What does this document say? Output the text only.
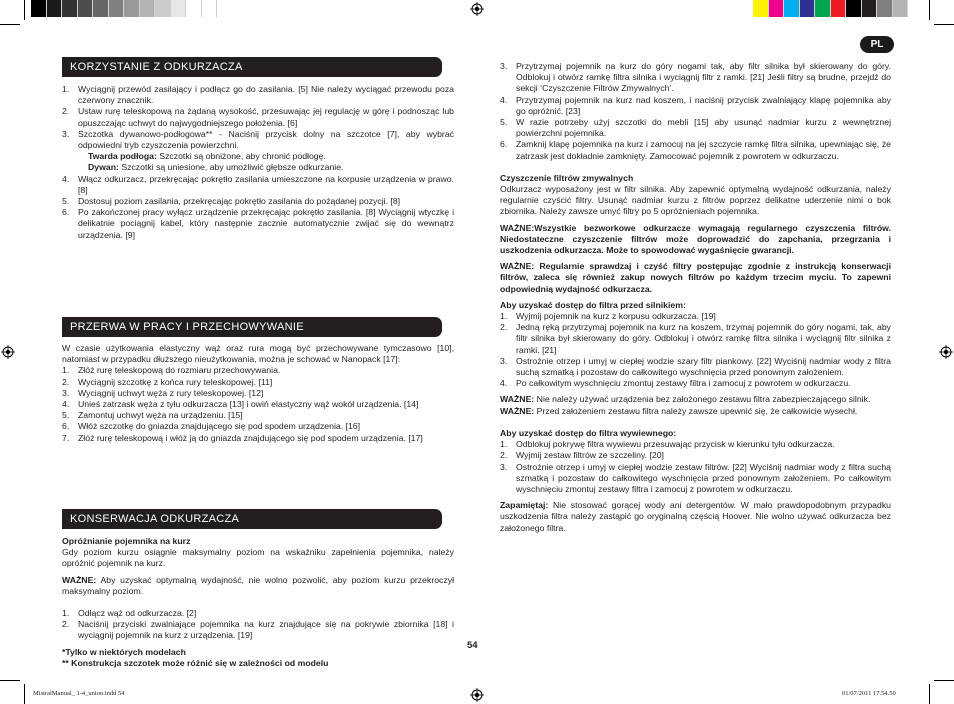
PL
KORZYSTANIE Z ODKURZACZA
1.	Wyciągnij przewód zasilający i podłącz go do zasilania. [5] Nie należy wyciągać przewodu poza czerwony znacznik.
2.	Ustaw rurę teleskopową na żądaną wysokość, przesuwając jej regulację w górę i podnosząc lub opuszczając uchwyt do najwygodniejszego położenia. [6]
3.	Szczotka dywanowo-podłogowa** - Naciśnij przycisk dolny na szczotce [7], aby wybrać odpowiedni tryb czyszczenia powierzchni.

Twarda podłoga: Szczotki są obniżone, aby chronić podłogę.

Dywan: Szczotki są uniesione, aby umożliwić głębsze odkurzanie.

4.	Włącz odkurzacz, przekręcając pokrętło zasilania umieszczone na korpusie urządzenia w prawo. [8]
5.	Dostosuj poziom zasilania, przekręcając pokrętło zasilania do pożądanej pozycji. [8]
6.	Po zakończonej pracy wyłącz urządzenie przekręcając pokrętło zasilania. [8] Wyciągnij wtyczkę i delikatnie pociągnij kabel, który następnie zacznie automatycznie zwijać się do wewnątrz urządzenia. [9]
PRZERWA W PRACY I PRZECHOWYWANIE

W czasie użytkowania elastyczny wąż oraz rura mogą być przechowywane tymczasowo [10], natomiast w przypadku dłuższego nieużytkowania, można je schować w Nanopack [17]:

1.	Złóż rurę teleskopową do rozmiaru przechowywania.
2.	Wyciągnij szczotkę z końca rury teleskopowej. [11]
3.	Wyciągnij uchwyt węża z rury teleskopowej. [12]
4.	Unieś zatrzask węża z tyłu odkurzacza [13] i owiń elastyczny wąż wokół urządzenia. [14]
5.	Zamontuj uchwyt węża na urządzeniu. [15]
6.	Włóż szczotkę do gniazda znajdującego się pod spodem urządzenia. [16]
7.	Złóż rurę teleskopową i włóż ją do gniazda znajdującego się pod spodem urządzenia. [17]
KONSERWACJA ODKURZACZA

Opróżnianie pojemnika na kurz

Gdy poziom kurzu osiągnie maksymalny poziom na wskaźniku zapełnienia pojemnika, należy opróżnić pojemnik na kurz.

WAŻNE: Aby uzyskać optymalną wydajność, nie wolno pozwolić, aby poziom kurzu przekroczył maksymalny poziom.

1.	Odłącz wąż od odkurzacza. [2]
2.	Naciśnij przyciski zwalniające pojemnika na kurz znajdujące się na pokrywie zbiornika [18] i wyciągnij pojemnik na kurz z urządzenia. [19]

*Tylko w niektórych modelach

** Konstrukcja szczotek może różnić się w zależności od modelu

3.	Przytrzymaj pojemnik na kurz do góry nogami tak, aby filtr silnika był skierowany do góry. Odblokuj i otwórz ramkę filtra silnika i wyciągnij filtr z ramki. [21] Jeśli filtry są brudne, przejdź do sekcji ‘Czyszczenie Filtrów Zmywalnych’.
4.	Przytrzymaj pojemnik na kurz nad koszem, i naciśnij przycisk zwalniający klapę pojemnika aby go opróżnić. [23]
5.	W razie potrzeby użyj szczotki do mebli [15] aby usunąć nadmiar kurzu z wewnętrznej powierzchni pojemnika.
6.	Zamknij klapę pojemnika na kurz i zamocuj na jej szczycie ramkę filtra silnika, upewniając się, że zatrzask jest dokładnie zamknięty. Zamocować pojemnik z powrotem w odkurzaczu.

Czyszczenie filtrów zmywalnych

Odkurzacz wyposażony jest w filtr silnika. Aby zapewnić optymalną wydajność odkurzania, należy regularnie czyścić filtry. Usunąć nadmiar kurzu z filtrów poprzez delikatne uderzenie nimi o bok zbiornika. Należy zawsze umyć filtry po 5 opróżnieniach pojemnika.

WAŻNE:Wszystkie bezworkowe odkurzacze wymagają regularnego czyszczenia filtrów. Niedostateczne czyszczenie filtrów może doprowadzić do zapchania, przegrzania i uszkodzenia odkurzacza. Może to spowodować wygaśnięcie gwarancji.

WAŻNE: Regularnie sprawdzaj i czyść filtry postępując zgodnie z instrukcją konserwacji filtrów, zaleca się również zakup nowych filtrów po każdym trzecim myciu. To zapewni odpowiednią wydajność odkurzacza.

Aby uzyskać dostęp do filtra przed silnikiem:

1.	Wyjmij pojemnik na kurz z korpusu odkurzacza. [19]
2.	Jedną ręką przytrzymaj pojemnik na kurz na koszem, trzymaj pojemnik do góry nogami, tak, aby filtr silnika był skierowany do góry. Odblokuj i otwórz ramkę filtra silnika i wyciągnij filtr silnika z ramki. [21]
3.	Ostrożnie otrzep i umyj w ciepłej wodzie szary filtr piankowy. [22] Wyciśnij nadmiar wody z filtra suchą szmatką i pozostaw do całkowitego wyschnięcia przed ponownym założeniem.
4.	Po całkowitym wyschnięciu zmontuj zestawy filtra i zamocuj z powrotem w odkurzaczu.

WAŻNE: Nie należy używać urządzenia bez założonego zestawu filtra zabezpieczającego silnik.

WAŻNE: Przed założeniem zestawu filtra należy zawsze upewnić się, że całkowicie wysechł.

Aby uzyskać dostęp do filtra wywiewnego:

1.	Odblokuj pokrywę filtra wywiewu przesuwając przycisk w kierunku tyłu odkurzacza.
2.	Wyjmij zestaw filtrów ze szczeliny. [20]
3.	Ostrożnie otrzep i umyj w ciepłej wodzie zestaw filtrów. [22] Wyciśnij nadmiar wody z filtra suchą szmatką i pozostaw do całkowitego wyschnięcia przed ponownym założeniem. Po całkowitym wyschnięciu zmontuj zestawy filtra i zamocuj z powrotem w odkurzaczu.

Zapamiętaj: Nie stosować gorącej wody ani detergentów. W mało prawdopodobnym przypadku uszkodzenia filtra należy zastąpić go oryginalną częścią Hoover. Nie wolno używać odkurzacza bez założonego filtra.

54
MistralManual_ 1-4_union.indd 54	01/07/2011 17.54.50
